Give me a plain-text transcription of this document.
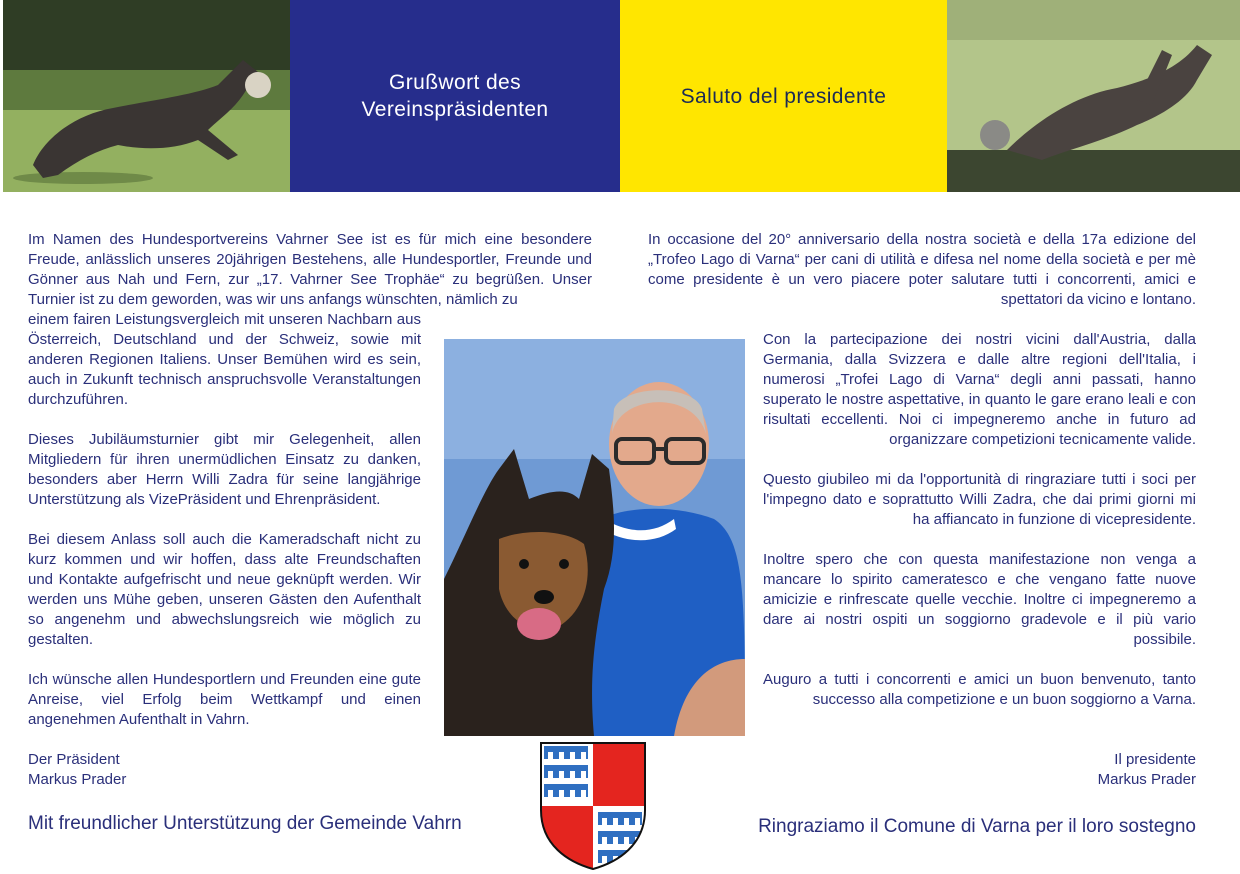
Grußwort des
Vereinspräsidenten
Saluto del presidente

Im Namen des Hundesportvereins Vahrner See ist es für mich eine besondere Freude, anlässlich unseres 20jährigen Bestehens, alle Hundesportler, Freunde und Gönner aus Nah und Fern, zur „17. Vahrner See Trophäe“ zu begrüßen. Unser Turnier ist zu dem geworden, was wir uns anfangs wünschten, nämlich zu

einem fairen Leistungsvergleich mit unseren Nachbarn aus Österreich, Deutschland und der Schweiz, sowie mit anderen Regionen Italiens. Unser Bemühen wird es sein, auch in Zukunft technisch anspruchsvolle Veranstaltungen durchzuführen.

Dieses Jubiläumsturnier gibt mir Gelegenheit, allen Mitgliedern für ihren unermüdlichen Einsatz zu danken, besonders aber Herrn Willi Zadra für seine langjährige Unterstützung als VizePräsident und Ehrenpräsident.

Bei diesem Anlass soll auch die Kameradschaft nicht zu kurz kommen und wir hoffen, dass alte Freundschaften und Kontakte aufgefrischt und neue geknüpft werden. Wir werden uns Mühe geben, unseren Gästen den Aufenthalt so angenehm und abwechslungsreich wie möglich zu gestalten.

Ich wünsche allen Hundesportlern und Freunden eine gute Anreise, viel Erfolg beim Wettkampf und einen angenehmen Aufenthalt in Vahrn.

Der Präsident
Markus Prader
Mit freundlicher Unterstützung der Gemeinde Vahrn

In occasione del 20° anniversario della nostra società e della 17a edizione del „Trofeo Lago di Varna“ per cani di utilità e difesa nel nome della società e per mè come presidente è un vero piacere poter salutare tutti i concorrenti, amici e spettatori da vicino e lontano.

Con la partecipazione dei nostri vicini dall'Austria, dalla Germania, dalla Svizzera e dalle altre regioni dell'Italia, i numerosi „Trofei Lago di Varna“ degli anni passati, hanno superato le nostre aspettative, in quanto le gare erano leali e con risultati eccellenti. Noi ci impegneremo anche in futuro ad organizzare competizioni tecnicamente valide.

Questo giubileo mi da l'opportunità di ringraziare tutti i soci per l'impegno dato e soprattutto Willi Zadra, che dai primi giorni mi ha affiancato in funzione di vicepresidente.

Inoltre spero che con questa manifestazione non venga a mancare lo spirito cameratesco e che vengano fatte nuove amicizie e rinfrescate quelle vecchie. Inoltre ci impegneremo a dare ai nostri ospiti un soggiorno gradevole e il più vario possibile.

Auguro a tutti i concorrenti e amici un buon benvenuto, tanto successo alla competizione e un buon soggiorno a Varna.

Il presidente
Markus Prader
Ringraziamo il Comune di Varna per il loro sostegno
